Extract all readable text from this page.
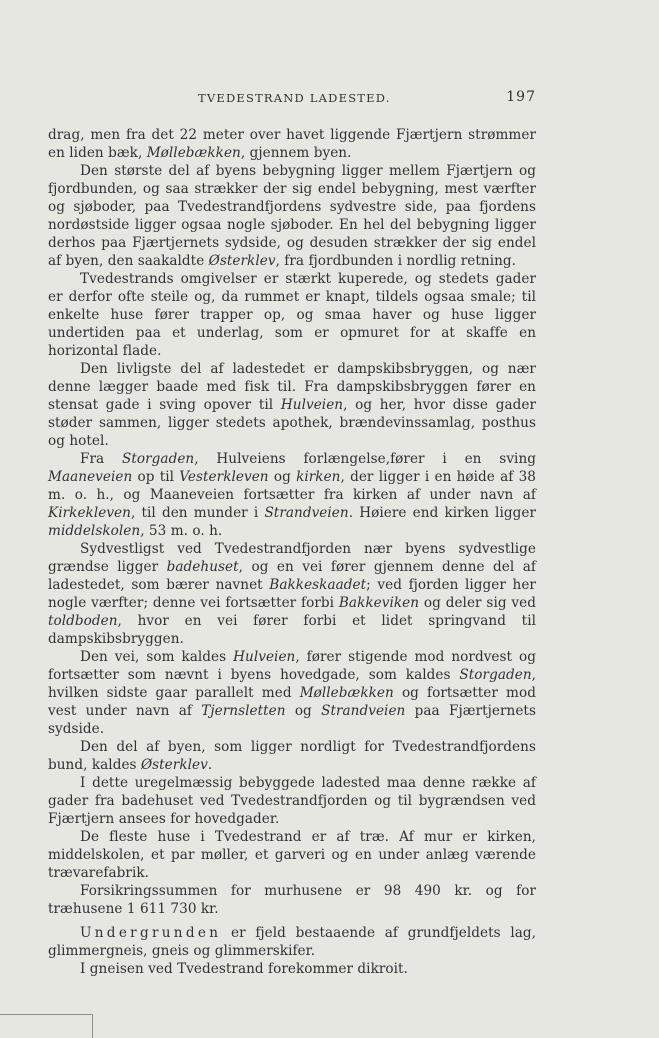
TVEDESTRAND LADESTED.	197

drag, men fra det 22 meter over havet liggende Fjærtjern strømmer en liden bæk, Møllebækken, gjennem byen.

Den største del af byens bebygning ligger mellem Fjærtjern og fjordbunden, og saa strækker der sig endel bebygning, mest værfter og sjøboder, paa Tvedestrandfjordens sydvestre side, paa fjordens nordøstside ligger ogsaa nogle sjøboder. En hel del bebygning ligger derhos paa Fjærtjernets sydside, og desuden strækker der sig endel af byen, den saakaldte Østerklev, fra fjordbunden i nordlig retning.

Tvedestrands omgivelser er stærkt kuperede, og stedets gader er derfor ofte steile og, da rummet er knapt, tildels ogsaa smale; til enkelte huse fører trapper op, og smaa haver og huse ligger undertiden paa et underlag, som er opmuret for at skaffe en horizontal flade.

Den livligste del af ladestedet er dampskibsbryggen, og nær denne lægger baade med fisk til. Fra dampskibsbryggen fører en stensat gade i sving opover til Hulveien, og her, hvor disse gader støder sammen, ligger stedets apothek, brændevinssamlag, posthus og hotel.

Fra Storgaden, Hulveiens forlængelse,fører i en sving Maaneveien op til Vesterkleven og kirken, der ligger i en høide af 38 m. o. h., og Maaneveien fortsætter fra kirken af under navn af Kirkekleven, til den munder i Strandveien. Høiere end kirken ligger middelskolen, 53 m. o. h.

Sydvestligst ved Tvedestrandfjorden nær byens sydvestlige grændse ligger badehuset, og en vei fører gjennem denne del af ladestedet, som bærer navnet Bakkeskaadet; ved fjorden ligger her nogle værfter; denne vei fortsætter forbi Bakkeviken og deler sig ved toldboden, hvor en vei fører forbi et lidet springvand til dampskibsbryggen.

Den vei, som kaldes Hulveien, fører stigende mod nordvest og fortsætter som nævnt i byens hovedgade, som kaldes Storgaden, hvilken sidste gaar parallelt med Møllebækken og fortsætter mod vest under navn af Tjernsletten og Strandveien paa Fjærtjernets sydside.

Den del af byen, som ligger nordligt for Tvedestrandfjordens bund, kaldes Østerklev.

I dette uregelmæssig bebyggede ladested maa denne række af gader fra badehuset ved Tvedestrandfjorden og til bygrændsen ved Fjærtjern ansees for hovedgader.

De fleste huse i Tvedestrand er af træ. Af mur er kirken, middelskolen, et par møller, et garveri og en under anlæg værende trævarefabrik.

Forsikringssummen for murhusene er 98 490 kr. og for træhusene 1 611 730 kr.

Undergrunden er fjeld bestaaende af grundfjeldets lag, glimmergneis, gneis og glimmerskifer.

I gneisen ved Tvedestrand forekommer dikroit.
